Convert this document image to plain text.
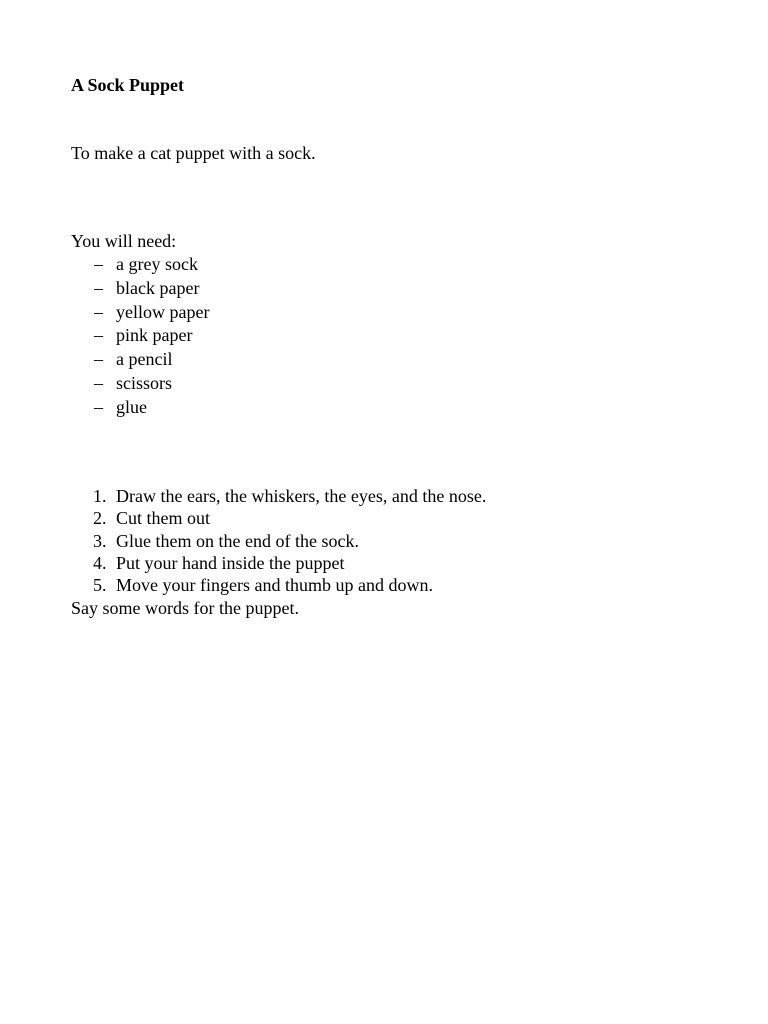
A Sock Puppet

To make a cat puppet with a sock.

You will need:

– a grey sock
– black paper
– yellow paper
– pink paper
– a pencil
– scissors
– glue
1. Draw the ears, the whiskers, the eyes, and the nose.
2. Cut them out
3. Glue them on the end of the sock.
4. Put your hand inside the puppet
5. Move your fingers and thumb up and down.

Say some words for the puppet.
